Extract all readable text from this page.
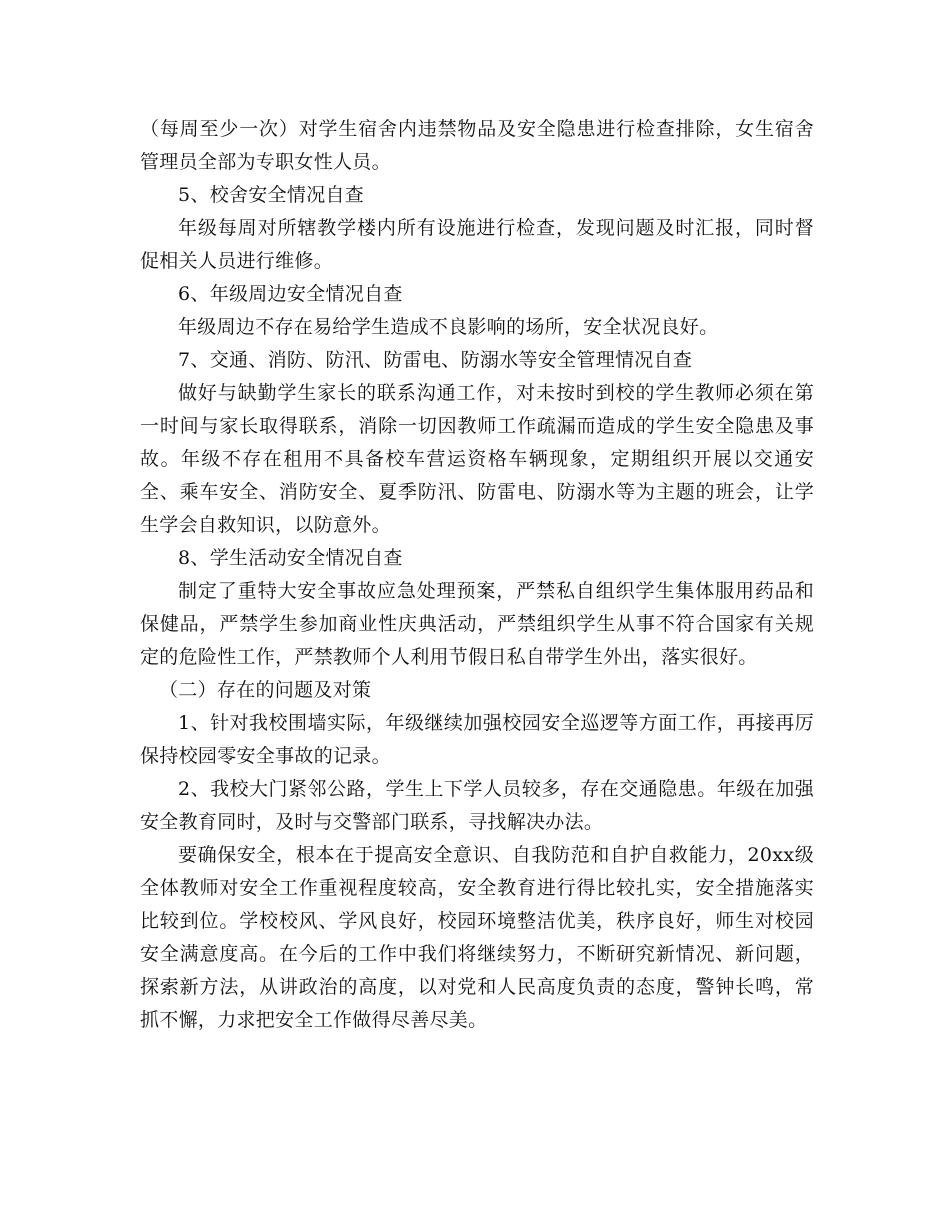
（每周至少一次）对学生宿舍内违禁物品及安全隐患进行检查排除，女生宿舍管理员全部为专职女性人员。

5、校舍安全情况自查

年级每周对所辖教学楼内所有设施进行检查，发现问题及时汇报，同时督促相关人员进行维修。

6、年级周边安全情况自查

年级周边不存在易给学生造成不良影响的场所，安全状况良好。

7、交通、消防、防汛、防雷电、防溺水等安全管理情况自查

做好与缺勤学生家长的联系沟通工作，对未按时到校的学生教师必须在第一时间与家长取得联系，消除一切因教师工作疏漏而造成的学生安全隐患及事故。年级不存在租用不具备校车营运资格车辆现象，定期组织开展以交通安全、乘车安全、消防安全、夏季防汛、防雷电、防溺水等为主题的班会，让学生学会自救知识，以防意外。

8、学生活动安全情况自查

制定了重特大安全事故应急处理预案，严禁私自组织学生集体服用药品和保健品，严禁学生参加商业性庆典活动，严禁组织学生从事不符合国家有关规定的危险性工作，严禁教师个人利用节假日私自带学生外出，落实很好。

（二）存在的问题及对策

1、针对我校围墙实际，年级继续加强校园安全巡逻等方面工作，再接再厉保持校园零安全事故的记录。

2、我校大门紧邻公路，学生上下学人员较多，存在交通隐患。年级在加强安全教育同时，及时与交警部门联系，寻找解决办法。

要确保安全，根本在于提高安全意识、自我防范和自护自救能力，20xx级全体教师对安全工作重视程度较高，安全教育进行得比较扎实，安全措施落实比较到位。学校校风、学风良好，校园环境整洁优美，秩序良好，师生对校园安全满意度高。在今后的工作中我们将继续努力，不断研究新情况、新问题，探索新方法，从讲政治的高度，以对党和人民高度负责的态度，警钟长鸣，常抓不懈，力求把安全工作做得尽善尽美。
